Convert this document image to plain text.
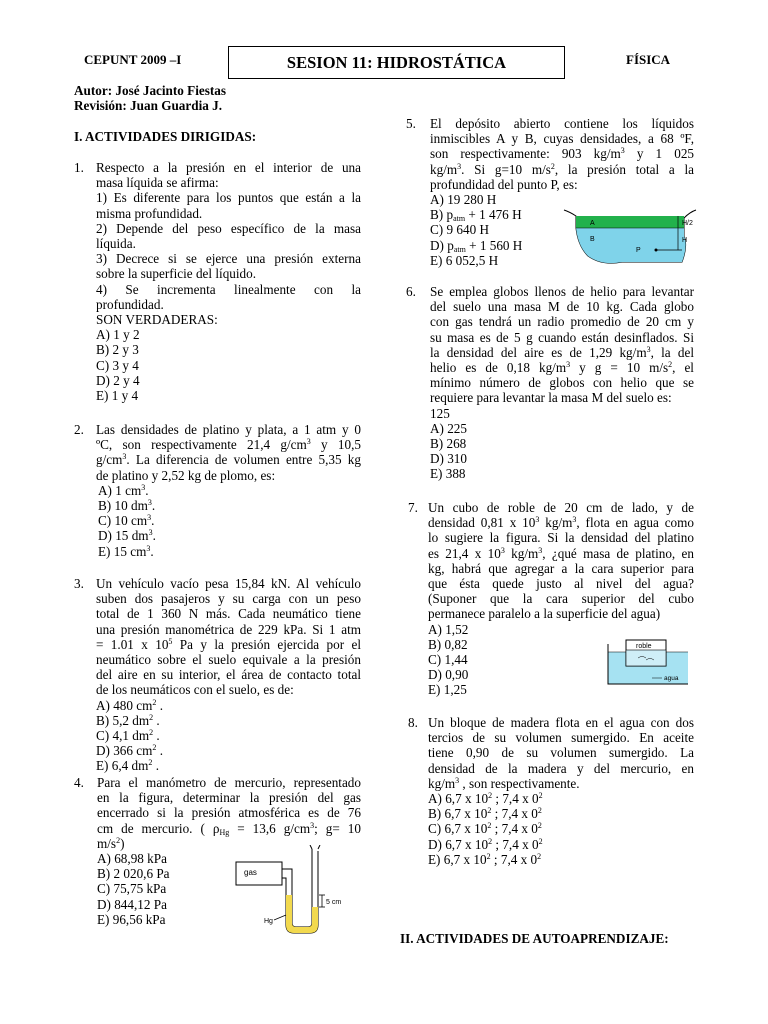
CEPUNT 2009 –I	SESION 11: HIDROSTÁTICA	FÍSICA
Autor: José Jacinto Fiestas
Revisión: Juan Guardia J.
I. ACTIVIDADES DIRIGIDAS:
1. Respecto a la presión en el interior de una
masa líquida se afirma:
1) Es diferente para los puntos que están a la
misma profundidad.
2) Depende del peso específico de la masa
líquida.
3) Decrece si se ejerce una presión externa
sobre la superficie del líquido.
4) Se incrementa linealmente con la
profundidad.
SON VERDADERAS:
A) 1 y 2
B) 2 y 3
C) 3 y 4
D) 2 y 4
E) 1 y 4
2. Las densidades de platino y plata, a 1 atm y 0
ºC, son respectivamente 21,4 $g/cm^3$ y 10,5
$g/cm^3$. La diferencia de volumen entre 5,35 kg
de platino y 2,52 kg de plomo, es:
A) 1 $cm^3$.
B) 10 $dm^3$.
C) 10 $cm^3$.
D) 15 $dm^3$.
E) 15 $cm^3$.
3. Un vehículo vacío pesa 15,84 kN. Al vehículo
suben dos pasajeros y su carga con un peso
total de 1 360 N más. Cada neumático tiene
una presión manométrica de 229 kPa. Si 1 atm
= 1.01 x $10^5$ Pa y la presión ejercida por el
neumático sobre el suelo equivale a la presión
del aire en su interior, el área de contacto total
de los neumáticos con el suelo, es de:
A) 480 $cm^2$ .
B) 5,2 $dm^2$ .
C) 4,1 $dm^2$ .
D) 366 $cm^2$ .
E) 6,4 $dm^2$ .
4. Para el manómetro de mercurio, representado
en la figura, determinar la presión del gas
encerrado si la presión atmosférica es de 76
cm de mercurio. ( $\rho_{Hg} = 13,6$ $g/cm^3$; g= 10
$m/s^2$)
A) 68,98 kPa
B) 2 020,6 Pa
C) 75,75 kPa
D) 844,12 Pa
E) 96,56 kPa
gas
5 cm
Hg
5. El depósito abierto contiene los líquidos
inmiscibles A y B, cuyas densidades, a 68 ºF,
son respectivamente: 903 $kg/m^3$ y 1 025
$kg/m^3$. Si g=10 $m/s^2$, la presión total a la
profundidad del punto P, es:
A) 19 280 H
B) $p_{atm} + 1$ 476 H
C) 9 640 H
D) $p_{atm} + 1$ 560 H
E) 6 052,5 H
A
B
H/2
H
P
6. Se emplea globos llenos de helio para levantar
del suelo una masa M de 10 kg. Cada globo
con gas tendrá un radio promedio de 20 cm y
su masa es de 5 g cuando están desinflados. Si
la densidad del aire es de 1,29 $kg/m^3$, la del
helio es de 0,18 $kg/m^3$ y g = 10 $m/s^2$, el
mínimo número de globos con helio que se
requiere para levantar la masa M del suelo es:
125
A) 225
B) 268
D) 310
E) 388
7. Un cubo de roble de 20 cm de lado, y de
densidad 0,81 x $10^3$ $kg/m^3$, flota en agua como
lo sugiere la figura. Si la densidad del platino
es 21,4 x $10^3$ $kg/m^3$, ¿qué masa de platino, en
kg, habrá que agregar a la cara superior para
que ésta quede justo al nivel del agua?
(Suponer que la cara superior del cubo
permanece paralelo a la superficie del agua)
A) 1,52
B) 0,82
C) 1,44
D) 0,90
E) 1,25
roble
agua
8. Un bloque de madera flota en el agua con dos
tercios de su volumen sumergido. En aceite
tiene 0,90 de su volumen sumergido. La
densidad de la madera y del mercurio, en
$kg/m^3$ , son respectivamente.
A) 6,7 x $10^2$ ; 7,4 x $0^2$
B) 6,7 x $10^2$ ; 7,4 x $0^2$
C) 6,7 x $10^2$ ; 7,4 x $0^2$
D) 6,7 x $10^2$ ; 7,4 x $0^2$
E) 6,7 x $10^2$ ; 7,4 x $0^2$
II. ACTIVIDADES DE AUTOAPRENDIZAJE:
